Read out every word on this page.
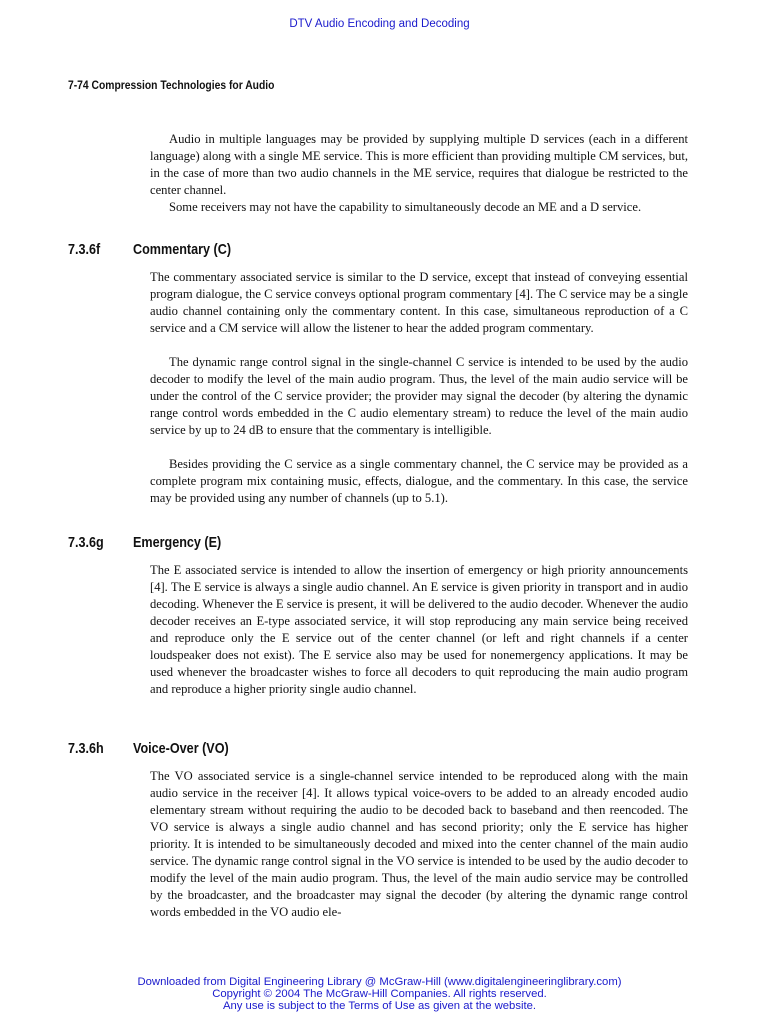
DTV Audio Encoding and Decoding
7-74 Compression Technologies for Audio

Audio in multiple languages may be provided by supplying multiple D services (each in a different language) along with a single ME service. This is more efficient than providing multiple CM services, but, in the case of more than two audio channels in the ME service, requires that dialogue be restricted to the center channel.

Some receivers may not have the capability to simultaneously decode an ME and a D service.

7.3.6f Commentary (C)

The commentary associated service is similar to the D service, except that instead of conveying essential program dialogue, the C service conveys optional program commentary [4]. The C service may be a single audio channel containing only the commentary content. In this case, simultaneous reproduction of a C service and a CM service will allow the listener to hear the added program commentary.

The dynamic range control signal in the single-channel C service is intended to be used by the audio decoder to modify the level of the main audio program. Thus, the level of the main audio service will be under the control of the C service provider; the provider may signal the decoder (by altering the dynamic range control words embedded in the C audio elementary stream) to reduce the level of the main audio service by up to 24 dB to ensure that the commentary is intelligible.

Besides providing the C service as a single commentary channel, the C service may be provided as a complete program mix containing music, effects, dialogue, and the commentary. In this case, the service may be provided using any number of channels (up to 5.1).

7.3.6g Emergency (E)

The E associated service is intended to allow the insertion of emergency or high priority announcements [4]. The E service is always a single audio channel. An E service is given priority in transport and in audio decoding. Whenever the E service is present, it will be delivered to the audio decoder. Whenever the audio decoder receives an E-type associated service, it will stop reproducing any main service being received and reproduce only the E service out of the center channel (or left and right channels if a center loudspeaker does not exist). The E service also may be used for nonemergency applications. It may be used whenever the broadcaster wishes to force all decoders to quit reproducing the main audio program and reproduce a higher priority single audio channel.

7.3.6h Voice-Over (VO)

The VO associated service is a single-channel service intended to be reproduced along with the main audio service in the receiver [4]. It allows typical voice-overs to be added to an already encoded audio elementary stream without requiring the audio to be decoded back to baseband and then reencoded. The VO service is always a single audio channel and has second priority; only the E service has higher priority. It is intended to be simultaneously decoded and mixed into the center channel of the main audio service. The dynamic range control signal in the VO service is intended to be used by the audio decoder to modify the level of the main audio program. Thus, the level of the main audio service may be controlled by the broadcaster, and the broadcaster may signal the decoder (by altering the dynamic range control words embedded in the VO audio ele-

Downloaded from Digital Engineering Library @ McGraw-Hill (www.digitalengineeringlibrary.com)
Copyright © 2004 The McGraw-Hill Companies. All rights reserved.
Any use is subject to the Terms of Use as given at the website.
